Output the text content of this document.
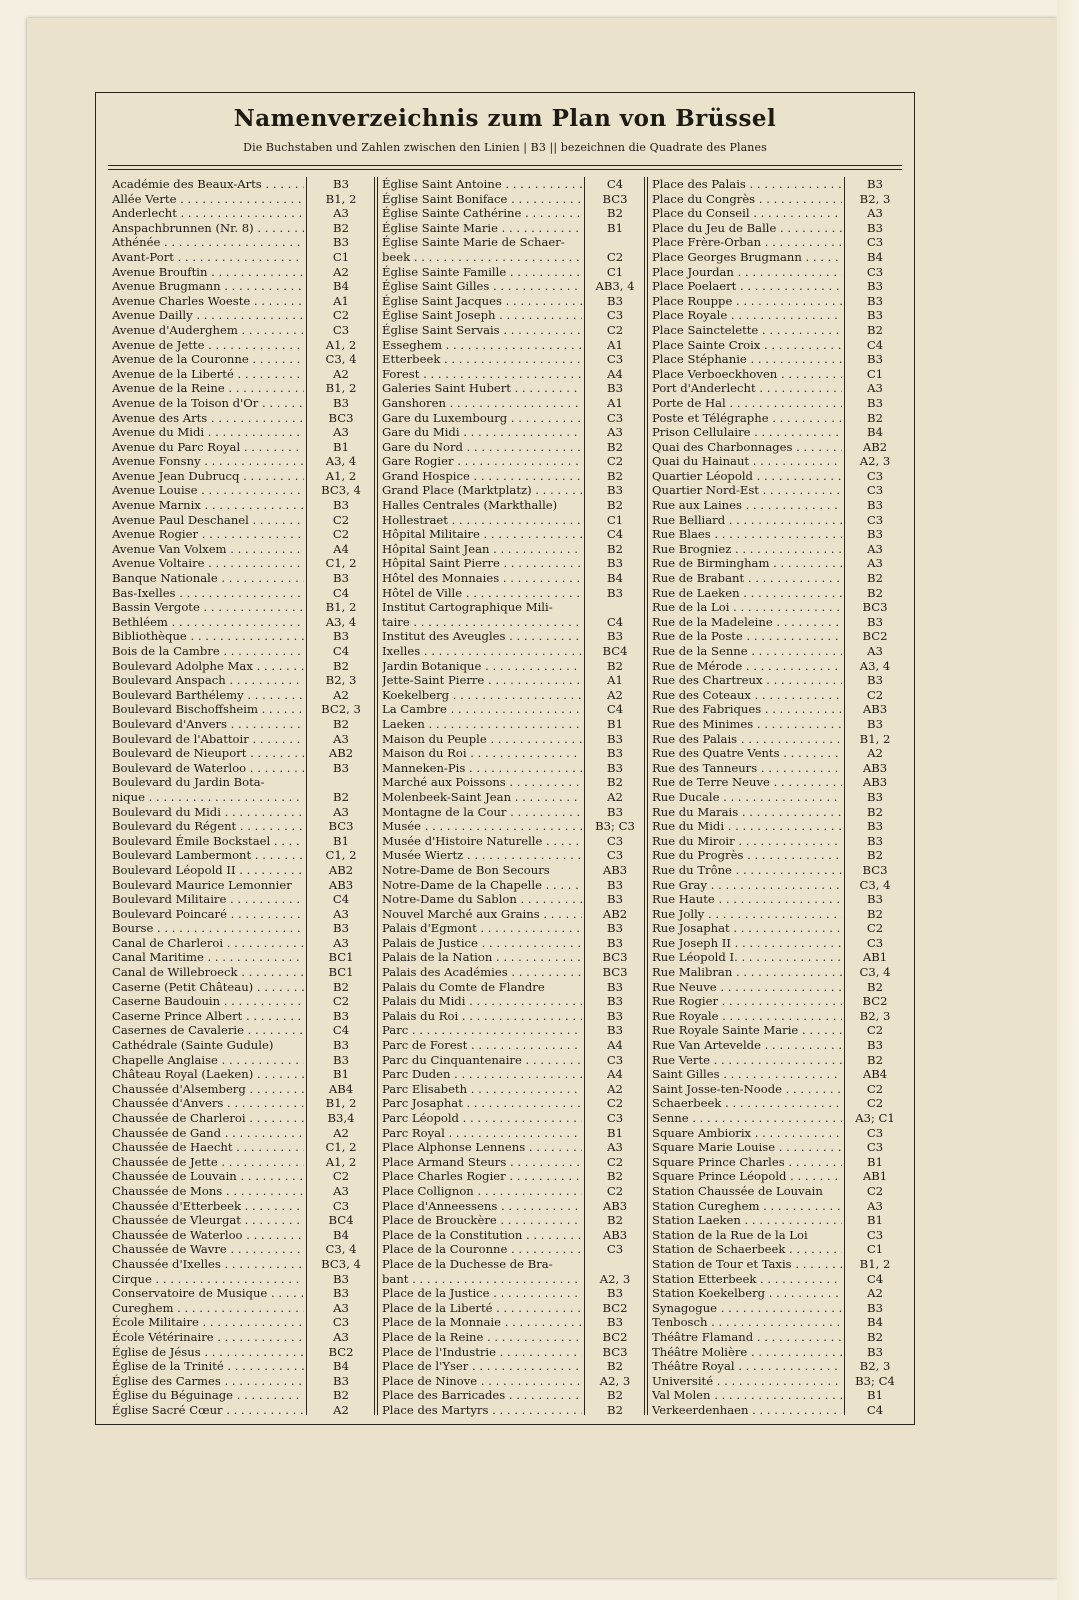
Namenverzeichnis zum Plan von Brüssel
Die Buchstaben und Zahlen zwischen den Linien | B3 || bezeichnen die Quadrate des Planes
Académie des Beaux-Arts . . .	B3
Allée Verte . . .	B1, 2
Anderlecht . . .	A3
Anspachbrunnen (Nr. 8) . . .	B2
Athénée . . .	B3
Avant-Port . . .	C1
Avenue Brouftin . . .	A2
Avenue Brugmann . . .	B4
Avenue Charles Woeste . . .	A1
Avenue Dailly . . .	C2
Avenue d'Auderghem . . .	C3
Avenue de Jette . . .	A1, 2
Avenue de la Couronne . . .	C3, 4
Avenue de la Liberté . . .	A2
Avenue de la Reine . . .	B1, 2
Avenue de la Toison d'Or . . .	B3
Avenue des Arts . . .	BC3
Avenue du Midi . . .	A3
Avenue du Parc Royal . . .	B1
Avenue Fonsny . . .	A3, 4
Avenue Jean Dubrucq . . .	A1, 2
Avenue Louise . . .	BC3, 4
Avenue Marnix . . .	B3
Avenue Paul Deschanel . . .	C2
Avenue Rogier . . .	C2
Avenue Van Volxem . . .	A4
Avenue Voltaire . . .	C1, 2
Banque Nationale . . .	B3
Bas-Ixelles . . .	C4
Bassin Vergote . . .	B1, 2
Bethléem . . .	A3, 4
Bibliothèque . . .	B3
Bois de la Cambre . . .	C4
Boulevard Adolphe Max . . .	B2
Boulevard Anspach . . .	B2, 3
Boulevard Barthélemy . . .	A2
Boulevard Bischoffsheim . . .	BC2, 3
Boulevard d'Anvers . . .	B2
Boulevard de l'Abattoir . . .	A3
Boulevard de Nieuport . . .	AB2
Boulevard de Waterloo . . .	B3
Boulevard du Jardin Bota-
nique . . .	B2
Boulevard du Midi . . .	A3
Boulevard du Régent . . .	BC3
Boulevard Émile Bockstael . . .	B1
Boulevard Lambermont . . .	C1, 2
Boulevard Léopold II . . .	AB2
Boulevard Maurice Lemonnier	AB3
Boulevard Militaire . . .	C4
Boulevard Poincaré . . .	A3
Bourse . . .	B3
Canal de Charleroi . . .	A3
Canal Maritime . . .	BC1
Canal de Willebroeck . . .	BC1
Caserne (Petit Château) . . .	B2
Caserne Baudouin . . .	C2
Caserne Prince Albert . . .	B3
Casernes de Cavalerie . . .	C4
Cathédrale (Sainte Gudule)	B3
Chapelle Anglaise . . .	B3
Château Royal (Laeken) . . .	B1
Chaussée d'Alsemberg . . .	AB4
Chaussée d'Anvers . . .	B1, 2
Chaussée de Charleroi . . .	B3,4
Chaussée de Gand . . .	A2
Chaussée de Haecht . . .	C1, 2
Chaussée de Jette . . .	A1, 2
Chaussée de Louvain . . .	C2
Chaussée de Mons . . .	A3
Chaussée d'Etterbeek . . .	C3
Chaussée de Vleurgat . . .	BC4
Chaussée de Waterloo . . .	B4
Chaussée de Wavre . . .	C3, 4
Chaussée d'Ixelles . . .	BC3, 4
Cirque . . .	B3
Conservatoire de Musique . . .	B3
Cureghem . . .	A3
École Militaire . . .	C3
École Vétérinaire . . .	A3
Église de Jésus . . .	BC2
Église de la Trinité . . .	B4
Église des Carmes . . .	B3
Église du Béguinage . . .	B2
Église Sacré Cœur . . .	A2
Église Saint Antoine . . .	C4
Église Saint Boniface . . .	BC3
Église Sainte Cathérine . . .	B2
Église Sainte Marie . . .	B1
Église Sainte Marie de Schaer-
beek . . .	C2
Église Sainte Famille . . .	C1
Église Saint Gilles . . .	AB3, 4
Église Saint Jacques . . .	B3
Église Saint Joseph . . .	C3
Église Saint Servais . . .	C2
Esseghem . . .	A1
Etterbeek . . .	C3
Forest . . .	A4
Galeries Saint Hubert . . .	B3
Ganshoren . . .	A1
Gare du Luxembourg . . .	C3
Gare du Midi . . .	A3
Gare du Nord . . .	B2
Gare Rogier . . .	C2
Grand Hospice . . .	B2
Grand Place (Marktplatz) . . .	B3
Halles Centrales (Markthalle)	B2
Hollestraet . . .	C1
Hôpital Militaire . . .	C4
Hôpital Saint Jean . . .	B2
Hôpital Saint Pierre . . .	B3
Hôtel des Monnaies . . .	B4
Hôtel de Ville . . .	B3
Institut Cartographique Mili-
taire . . .	C4
Institut des Aveugles . . .	B3
Ixelles . . .	BC4
Jardin Botanique . . .	B2
Jette-Saint Pierre . . .	A1
Koekelberg . . .	A2
La Cambre . . .	C4
Laeken . . .	B1
Maison du Peuple . . .	B3
Maison du Roi . . .	B3
Manneken-Pis . . .	B3
Marché aux Poissons . . .	B2
Molenbeek-Saint Jean . . .	A2
Montagne de la Cour . . .	B3
Musée . . .	B3; C3
Musée d'Histoire Naturelle . . .	C3
Musée Wiertz . . .	C3
Notre-Dame de Bon Secours	AB3
Notre-Dame de la Chapelle . . .	B3
Notre-Dame du Sablon . . .	B3
Nouvel Marché aux Grains . . .	AB2
Palais d'Egmont . . .	B3
Palais de Justice . . .	B3
Palais de la Nation . . .	BC3
Palais des Académies . . .	BC3
Palais du Comte de Flandre	B3
Palais du Midi . . .	B3
Palais du Roi . . .	B3
Parc . . .	B3
Parc de Forest . . .	A4
Parc du Cinquantenaire . . .	C3
Parc Duden . . .	A4
Parc Elisabeth . . .	A2
Parc Josaphat . . .	C2
Parc Léopold . . .	C3
Parc Royal . . .	B1
Place Alphonse Lennens . . .	A3
Place Armand Steurs . . .	C2
Place Charles Rogier . . .	B2
Place Collignon . . .	C2
Place d'Anneessens . . .	AB3
Place de Brouckère . . .	B2
Place de la Constitution . . .	AB3
Place de la Couronne . . .	C3
Place de la Duchesse de Bra-
bant . . .	A2, 3
Place de la Justice . . .	B3
Place de la Liberté . . .	BC2
Place de la Monnaie . . .	B3
Place de la Reine . . .	BC2
Place de l'Industrie . . .	BC3
Place de l'Yser . . .	B2
Place de Ninove . . .	A2, 3
Place des Barricades . . .	B2
Place des Martyrs . . .	B2
Place des Palais . . .	B3
Place du Congrès . . .	B2, 3
Place du Conseil . . .	A3
Place du Jeu de Balle . . .	B3
Place Frère-Orban . . .	C3
Place Georges Brugmann . . .	B4
Place Jourdan . . .	C3
Place Poelaert . . .	B3
Place Rouppe . . .	B3
Place Royale . . .	B3
Place Sainctelette . . .	B2
Place Sainte Croix . . .	C4
Place Stéphanie . . .	B3
Place Verboeckhoven . . .	C1
Port d'Anderlecht . . .	A3
Porte de Hal . . .	B3
Poste et Télégraphe . . .	B2
Prison Cellulaire . . .	B4
Quai des Charbonnages . . .	AB2
Quai du Hainaut . . .	A2, 3
Quartier Léopold . . .	C3
Quartier Nord-Est . . .	C3
Rue aux Laines . . .	B3
Rue Belliard . . .	C3
Rue Blaes . . .	B3
Rue Brogniez . . .	A3
Rue de Birmingham . . .	A3
Rue de Brabant . . .	B2
Rue de Laeken . . .	B2
Rue de la Loi . . .	BC3
Rue de la Madeleine . . .	B3
Rue de la Poste . . .	BC2
Rue de la Senne . . .	A3
Rue de Mérode . . .	A3, 4
Rue des Chartreux . . .	B3
Rue des Coteaux . . .	C2
Rue des Fabriques . . .	AB3
Rue des Minimes . . .	B3
Rue des Palais . . .	B1, 2
Rue des Quatre Vents . . .	A2
Rue des Tanneurs . . .	AB3
Rue de Terre Neuve . . .	AB3
Rue Ducale . . .	B3
Rue du Marais . . .	B2
Rue du Midi . . .	B3
Rue du Miroir . . .	B3
Rue du Progrès . . .	B2
Rue du Trône . . .	BC3
Rue Gray . . .	C3, 4
Rue Haute . . .	B3
Rue Jolly . . .	B2
Rue Josaphat . . .	C2
Rue Joseph II . . .	C3
Rue Léopold I. . . .	AB1
Rue Malibran . . .	C3, 4
Rue Neuve . . .	B2
Rue Rogier . . .	BC2
Rue Royale . . .	B2, 3
Rue Royale Sainte Marie . . .	C2
Rue Van Artevelde . . .	B3
Rue Verte . . .	B2
Saint Gilles . . .	AB4
Saint Josse-ten-Noode . . .	C2
Schaerbeek . . .	C2
Senne . . .	A3; C1
Square Ambiorix . . .	C3
Square Marie Louise . . .	C3
Square Prince Charles . . .	B1
Square Prince Léopold . . .	AB1
Station Chaussée de Louvain	C2
Station Cureghem . . .	A3
Station Laeken . . .	B1
Station de la Rue de la Loi	C3
Station de Schaerbeek . . .	C1
Station de Tour et Taxis . . .	B1, 2
Station Etterbeek . . .	C4
Station Koekelberg . . .	A2
Synagogue . . .	B3
Tenbosch . . .	B4
Théâtre Flamand . . .	B2
Théâtre Molière . . .	B3
Théâtre Royal . . .	B2, 3
Université . . .	B3; C4
Val Molen . . .	B1
Verkeerdenhaen . . .	C4
